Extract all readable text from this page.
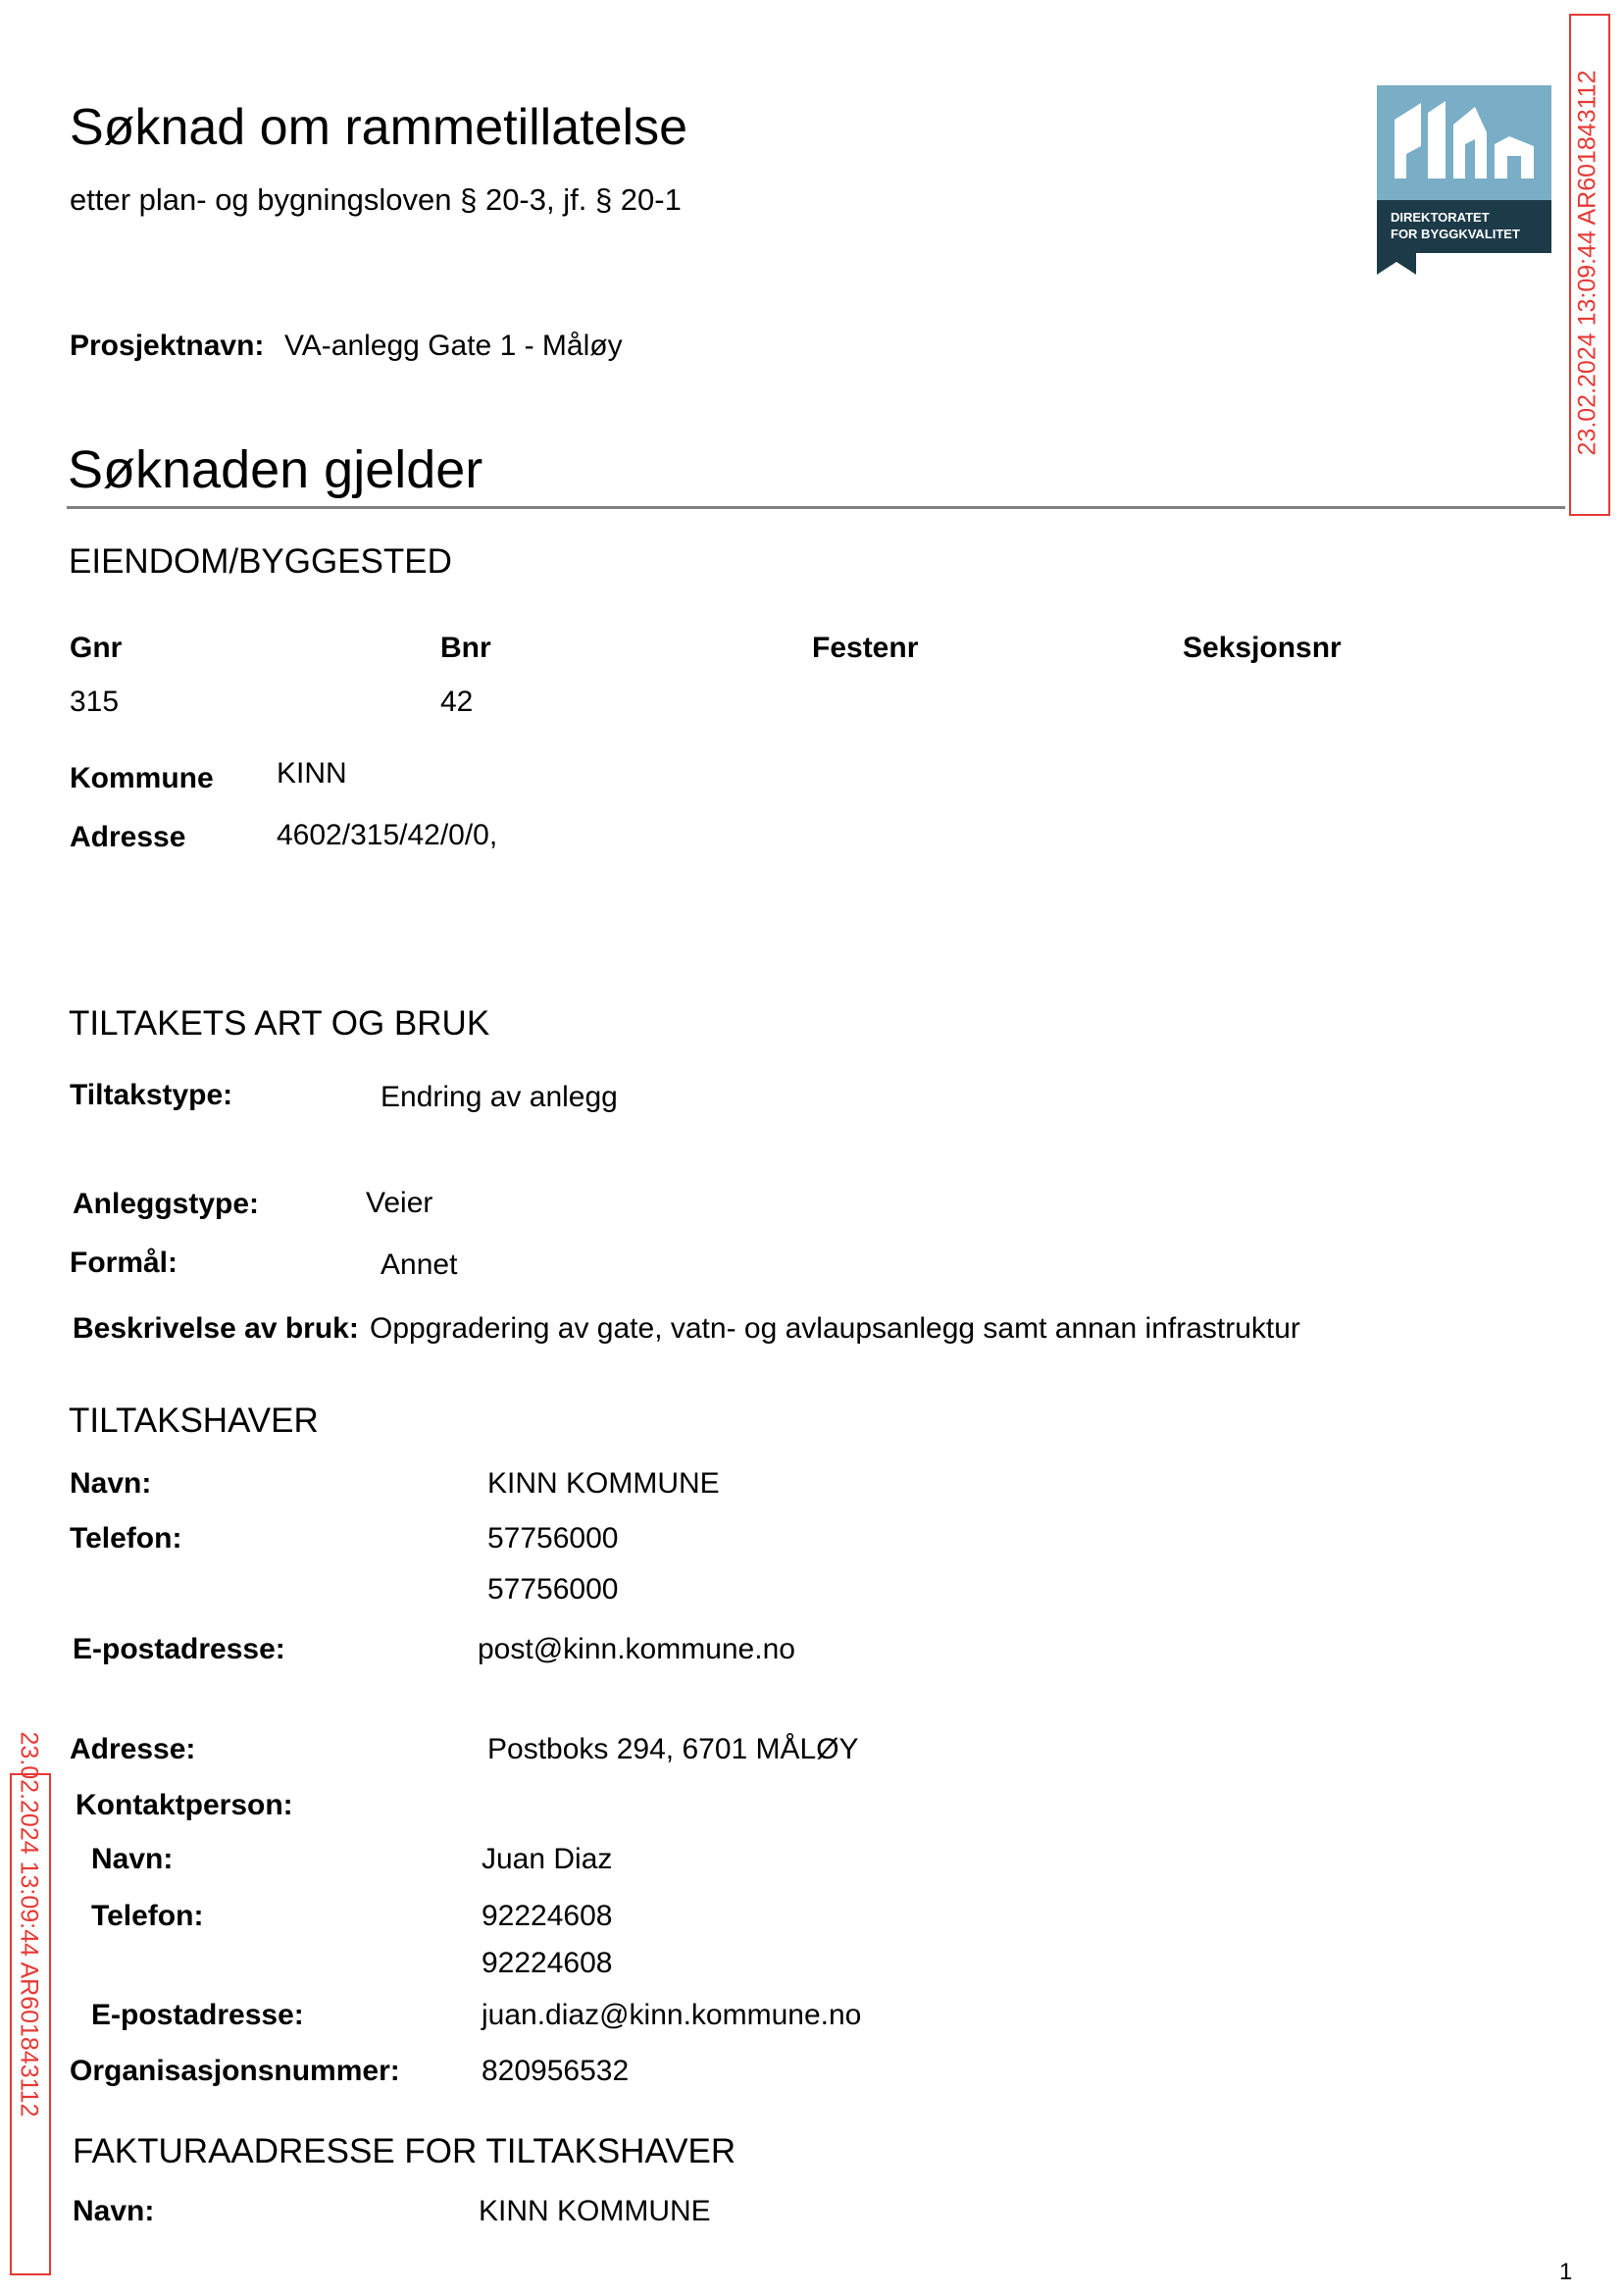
Søknad om rammetillatelse
etter plan- og bygningsloven § 20-3, jf. § 20-1
DIREKTORATET
FOR BYGGKVALITET 23.02.2024 13:09:44 AR601843112
23.02.2024 13:09:44 AR601843112
Prosjektnavn: VA-anlegg Gate 1 - Måløy
Søknaden gjelder
EIENDOM/BYGGESTED
Gnr	Bnr	Festenr	Seksjonsnr
315	42
Kommune KINN
Adresse	4602/315/42/0/0,
TILTAKETS ART OG BRUK
Tiltakstype:	Endring av anlegg
Anleggstype:	Veier
Formål:	Annet
Beskrivelse av bruk: Oppgradering av gate, vatn- og avlaupsanlegg samt annan infrastruktur
TILTAKSHAVER
Navn:	KINN KOMMUNE
Telefon:	57756000
57756000
E-postadresse:	post@kinn.kommune.no
Adresse:	Postboks 294, 6701 MÅLØY
Kontaktperson:
Navn:	Juan Diaz
Telefon:	92224608
92224608
E-postadresse:	juan.diaz@kinn.kommune.no
Organisasjonsnummer:	820956532
FAKTURAADRESSE FOR TILTAKSHAVER
Navn:	KINN KOMMUNE
1
